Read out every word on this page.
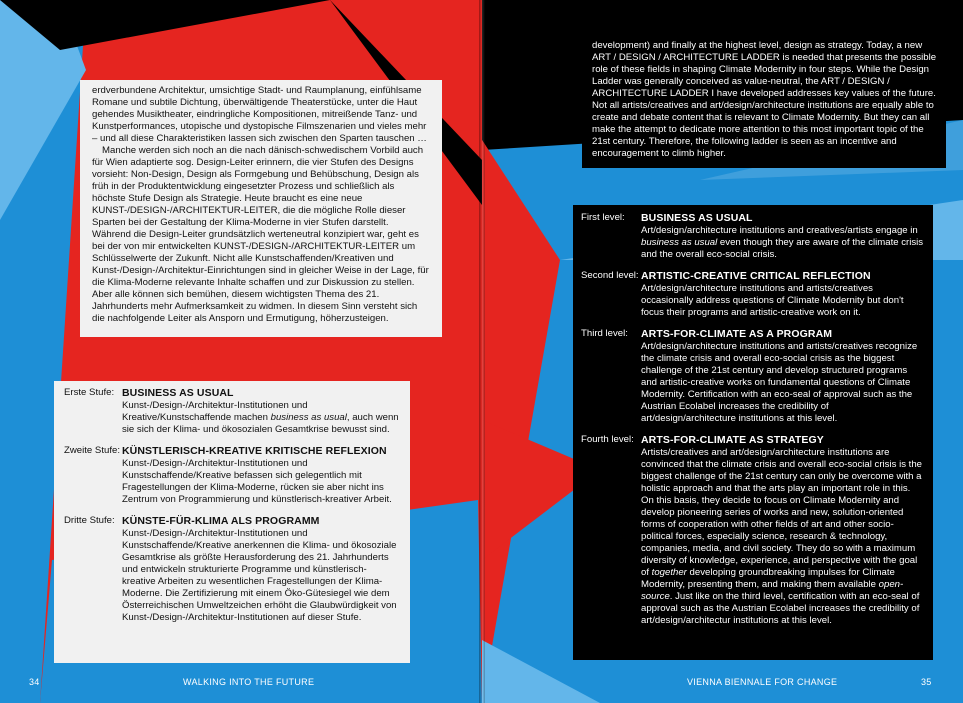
erdverbundene Architektur, umsichtige Stadt- und Raumplanung, einfühlsame Romane und subtile Dichtung, überwältigende Theaterstücke, unter die Haut gehendes Musiktheater, eindringliche Kompositionen, mitreißende Tanz- und Kunstperformances, utopische und dystopische Filmszenarien und vieles mehr – und all diese Charakteristiken lassen sich zwischen den Sparten tauschen …

Manche werden sich noch an die nach dänisch-schwedischem Vorbild auch für Wien adaptierte sog. Design-Leiter erinnern, die vier Stufen des Designs vorsieht: Non-Design, Design als Formgebung und Behübschung, Design als früh in der Produktentwicklung eingesetzter Prozess und schließlich als höchste Stufe Design als Strategie. Heute braucht es eine neue KUNST-/DESIGN-/ARCHITEKTUR-LEITER, die die mögliche Rolle dieser Sparten bei der Gestaltung der Klima-Moderne in vier Stufen darstellt. Während die Design-Leiter grundsätzlich werteneutral konzipiert war, geht es bei der von mir entwickelten KUNST-/DESIGN-/ARCHITEKTUR-LEITER um Schlüsselwerte der Zukunft. Nicht alle Kunstschaffenden/Kreativen und Kunst-/Design-/Architektur-Einrichtungen sind in gleicher Weise in der Lage, für die Klima-Moderne relevante Inhalte schaffen und zur Diskussion zu stellen. Aber alle können sich bemühen, diesem wichtigsten Thema des 21. Jahrhunderts mehr Aufmerksamkeit zu widmen. In diesem Sinn versteht sich die nachfolgende Leiter als Ansporn und Ermutigung, höherzusteigen.

Erste Stufe: BUSINESS AS USUAL
Kunst-/Design-/Architektur-Institutionen und Kreative/Kunstschaffende machen business as usual, auch wenn sie sich der Klima- und ökosozialen Gesamtkrise bewusst sind.
Zweite Stufe: KÜNSTLERISCH-KREATIVE KRITISCHE REFLEXION
Kunst-/Design-/Architektur-Institutionen und Kunstschaffende/Kreative befassen sich gelegentlich mit Fragestellungen der Klima-Moderne, rücken sie aber nicht ins Zentrum von Programmierung und künstlerisch-kreativer Arbeit.
Dritte Stufe: KÜNSTE-FÜR-KLIMA ALS PROGRAMM
Kunst-/Design-/Architektur-Institutionen und Kunstschaffende/Kreative anerkennen die Klima- und ökosoziale Gesamtkrise als größte Herausforderung des 21. Jahrhunderts und entwickeln strukturierte Programme und künstlerisch-kreative Arbeiten zu wesentlichen Fragestellungen der Klima-Moderne. Die Zertifizierung mit einem Öko-Gütesiegel wie dem Österreichischen Umweltzeichen erhöht die Glaubwürdigkeit von Kunst-/Design-/Architektur-Institutionen auf dieser Stufe.
34	WALKING INTO THE FUTURE

development) and finally at the highest level, design as strategy. Today, a new ART / DESIGN / ARCHITECTURE LADDER is needed that presents the possible role of these fields in shaping Climate Modernity in four steps. While the Design Ladder was generally conceived as value-neutral, the ART / DESIGN / ARCHITECTURE LADDER I have developed addresses key values of the future. Not all artists/creatives and art/design/architecture institutions are equally able to create and debate content that is relevant to Climate Modernity. But they can all make the attempt to dedicate more attention to this most important topic of the 21st century. Therefore, the following ladder is seen as an incentive and encouragement to climb higher.

First level:	BUSINESS AS USUAL
Art/design/architecture institutions and creatives/artists engage in business as usual even though they are aware of the climate crisis and the overall eco-social crisis.
Second level: ARTISTIC-CREATIVE CRITICAL REFLECTION
Art/design/architecture institutions and artists/creatives occasionally address questions of Climate Modernity but don't focus their programs and artistic-creative work on it.
Third level:	ARTS-FOR-CLIMATE AS A PROGRAM
Art/design/architecture institutions and artists/creatives recognize the climate crisis and overall eco-social crisis as the biggest challenge of the 21st century and develop structured programs and artistic-creative works on fundamental questions of Climate Modernity. Certification with an eco-seal of approval such as the Austrian Ecolabel increases the credibility of art/design/architecture institutions at this level.
Fourth level: ARTS-FOR-CLIMATE AS STRATEGY
Artists/creatives and art/design/architecture institutions are convinced that the climate crisis and overall eco-social crisis is the biggest challenge of the 21st century can only be overcome with a holistic approach and that the arts play an important role in this. On this basis, they decide to focus on Climate Modernity and develop pioneering series of works and new, solution-oriented forms of cooperation with other fields of art and other socio-political forces, especially science, research & technology, companies, media, and civil society. They do so with a maximum diversity of knowledge, experience, and perspective with the goal of together developing groundbreaking impulses for Climate Modernity, presenting them, and making them available open-source. Just like on the third level, certification with an eco-seal of approval such as the Austrian Ecolabel increases the credibility of art/design/architectur institutions at this level.
VIENNA BIENNALE FOR CHANGE	35
